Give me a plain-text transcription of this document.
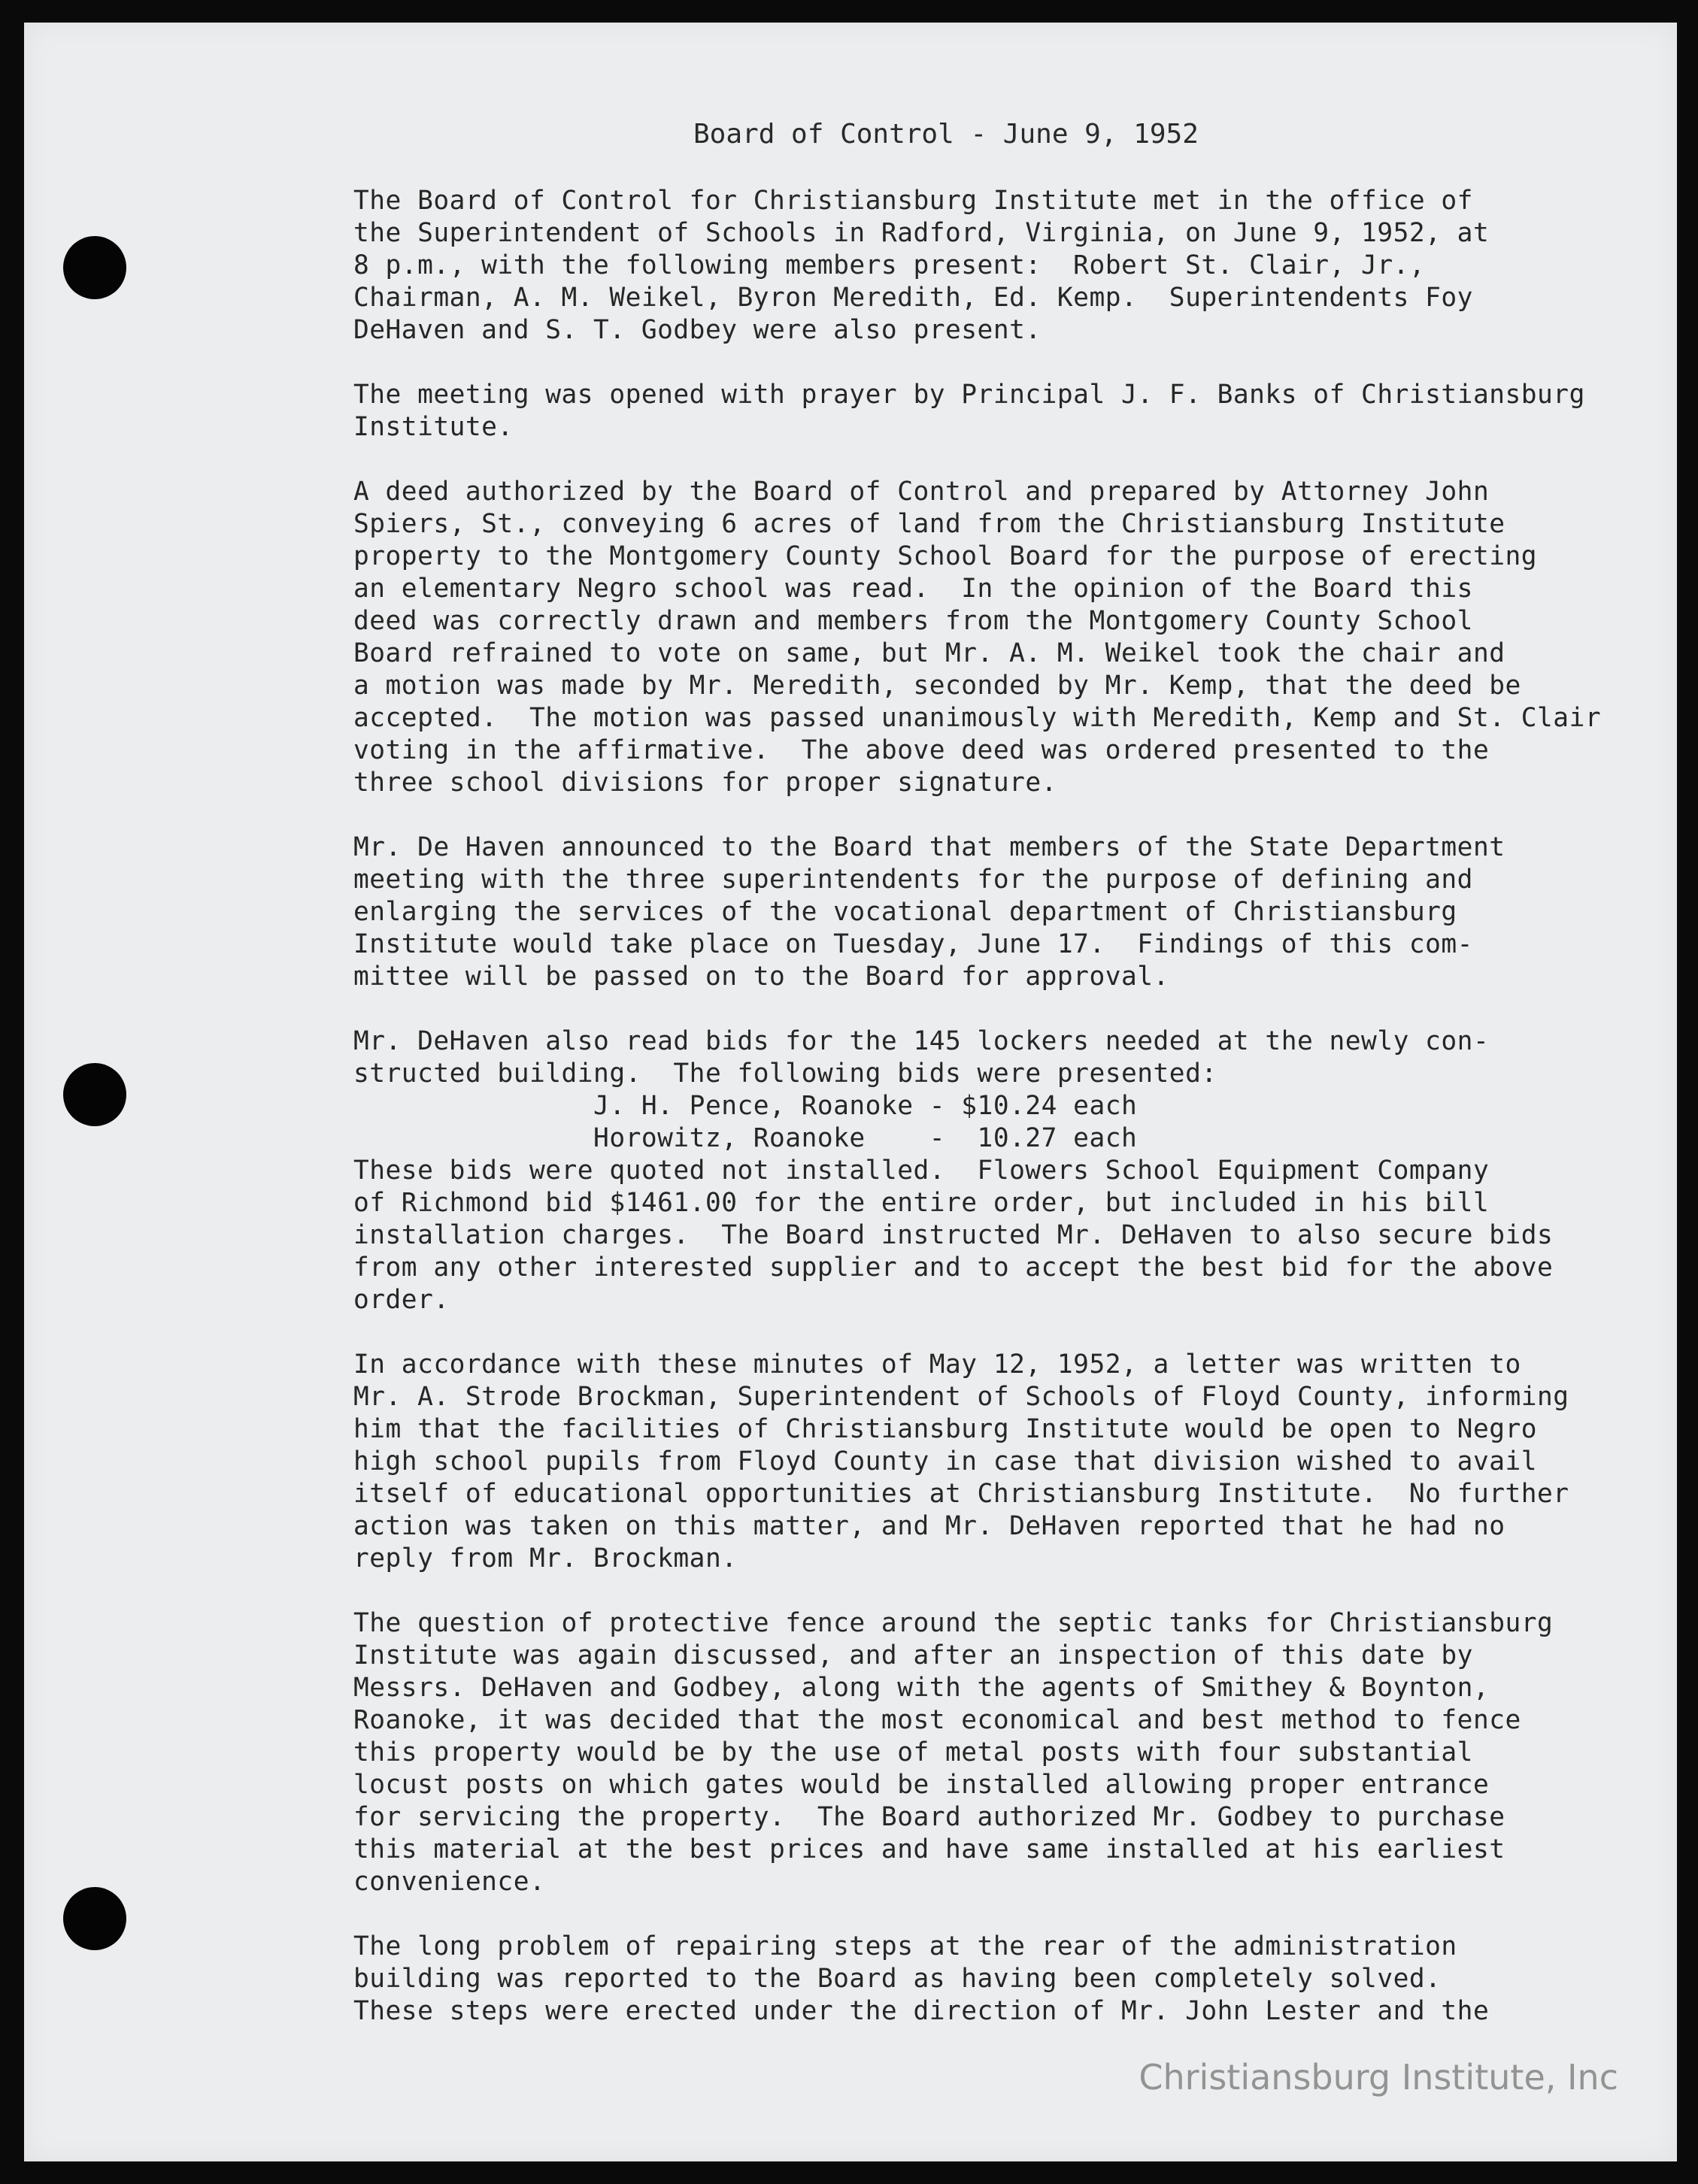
Board of Control - June 9, 1952
The Board of Control for Christiansburg Institute met in the office of
the Superintendent of Schools in Radford, Virginia, on June 9, 1952, at
8 p.m., with the following members present:  Robert St. Clair, Jr.,
Chairman, A. M. Weikel, Byron Meredith, Ed. Kemp.  Superintendents Foy
DeHaven and S. T. Godbey were also present.
The meeting was opened with prayer by Principal J. F. Banks of Christiansburg
Institute.
A deed authorized by the Board of Control and prepared by Attorney John
Spiers, St., conveying 6 acres of land from the Christiansburg Institute
property to the Montgomery County School Board for the purpose of erecting
an elementary Negro school was read.  In the opinion of the Board this
deed was correctly drawn and members from the Montgomery County School
Board refrained to vote on same, but Mr. A. M. Weikel took the chair and
a motion was made by Mr. Meredith, seconded by Mr. Kemp, that the deed be
accepted.  The motion was passed unanimously with Meredith, Kemp and St. Clair
voting in the affirmative.  The above deed was ordered presented to the
three school divisions for proper signature.
Mr. De Haven announced to the Board that members of the State Department
meeting with the three superintendents for the purpose of defining and
enlarging the services of the vocational department of Christiansburg
Institute would take place on Tuesday, June 17.  Findings of this com-
mittee will be passed on to the Board for approval.
Mr. DeHaven also read bids for the 145 lockers needed at the newly con-
structed building.  The following bids were presented:
J. H. Pence, Roanoke - $10.24 each
Horowitz, Roanoke    -  10.27 each
These bids were quoted not installed.  Flowers School Equipment Company
of Richmond bid $1461.00 for the entire order, but included in his bill
installation charges.  The Board instructed Mr. DeHaven to also secure bids
from any other interested supplier and to accept the best bid for the above
order.
In accordance with these minutes of May 12, 1952, a letter was written to
Mr. A. Strode Brockman, Superintendent of Schools of Floyd County, informing
him that the facilities of Christiansburg Institute would be open to Negro
high school pupils from Floyd County in case that division wished to avail
itself of educational opportunities at Christiansburg Institute.  No further
action was taken on this matter, and Mr. DeHaven reported that he had no
reply from Mr. Brockman.
The question of protective fence around the septic tanks for Christiansburg
Institute was again discussed, and after an inspection of this date by
Messrs. DeHaven and Godbey, along with the agents of Smithey & Boynton,
Roanoke, it was decided that the most economical and best method to fence
this property would be by the use of metal posts with four substantial
locust posts on which gates would be installed allowing proper entrance
for servicing the property.  The Board authorized Mr. Godbey to purchase
this material at the best prices and have same installed at his earliest
convenience.
The long problem of repairing steps at the rear of the administration
building was reported to the Board as having been completely solved.
These steps were erected under the direction of Mr. John Lester and the
Christiansburg Institute, Inc
